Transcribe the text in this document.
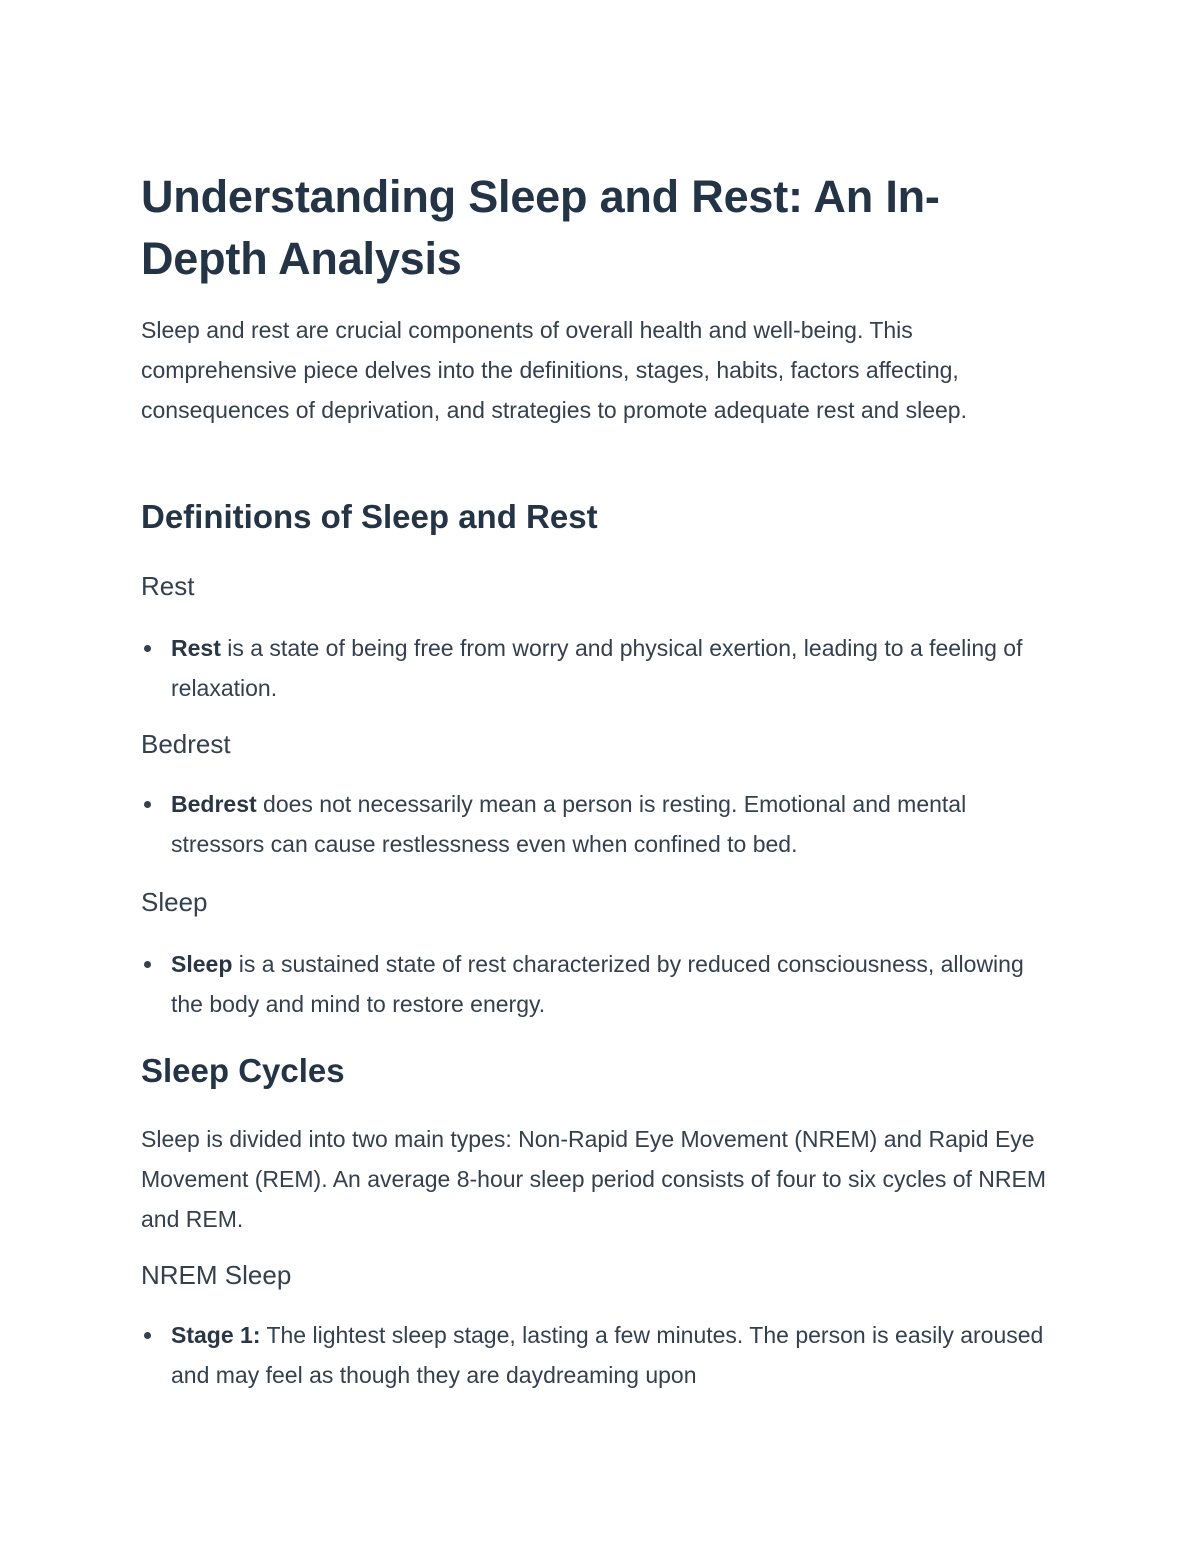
Understanding Sleep and Rest: An In-Depth Analysis

Sleep and rest are crucial components of overall health and well-being. This comprehensive piece delves into the definitions, stages, habits, factors affecting, consequences of deprivation, and strategies to promote adequate rest and sleep.

Definitions of Sleep and Rest
Rest
Rest is a state of being free from worry and physical exertion, leading to a feeling of relaxation.
Bedrest
Bedrest does not necessarily mean a person is resting. Emotional and mental stressors can cause restlessness even when confined to bed.
Sleep
Sleep is a sustained state of rest characterized by reduced consciousness, allowing the body and mind to restore energy.
Sleep Cycles

Sleep is divided into two main types: Non-Rapid Eye Movement (NREM) and Rapid Eye Movement (REM). An average 8-hour sleep period consists of four to six cycles of NREM and REM.

NREM Sleep
Stage 1: The lightest sleep stage, lasting a few minutes. The person is easily aroused and may feel as though they are daydreaming upon
